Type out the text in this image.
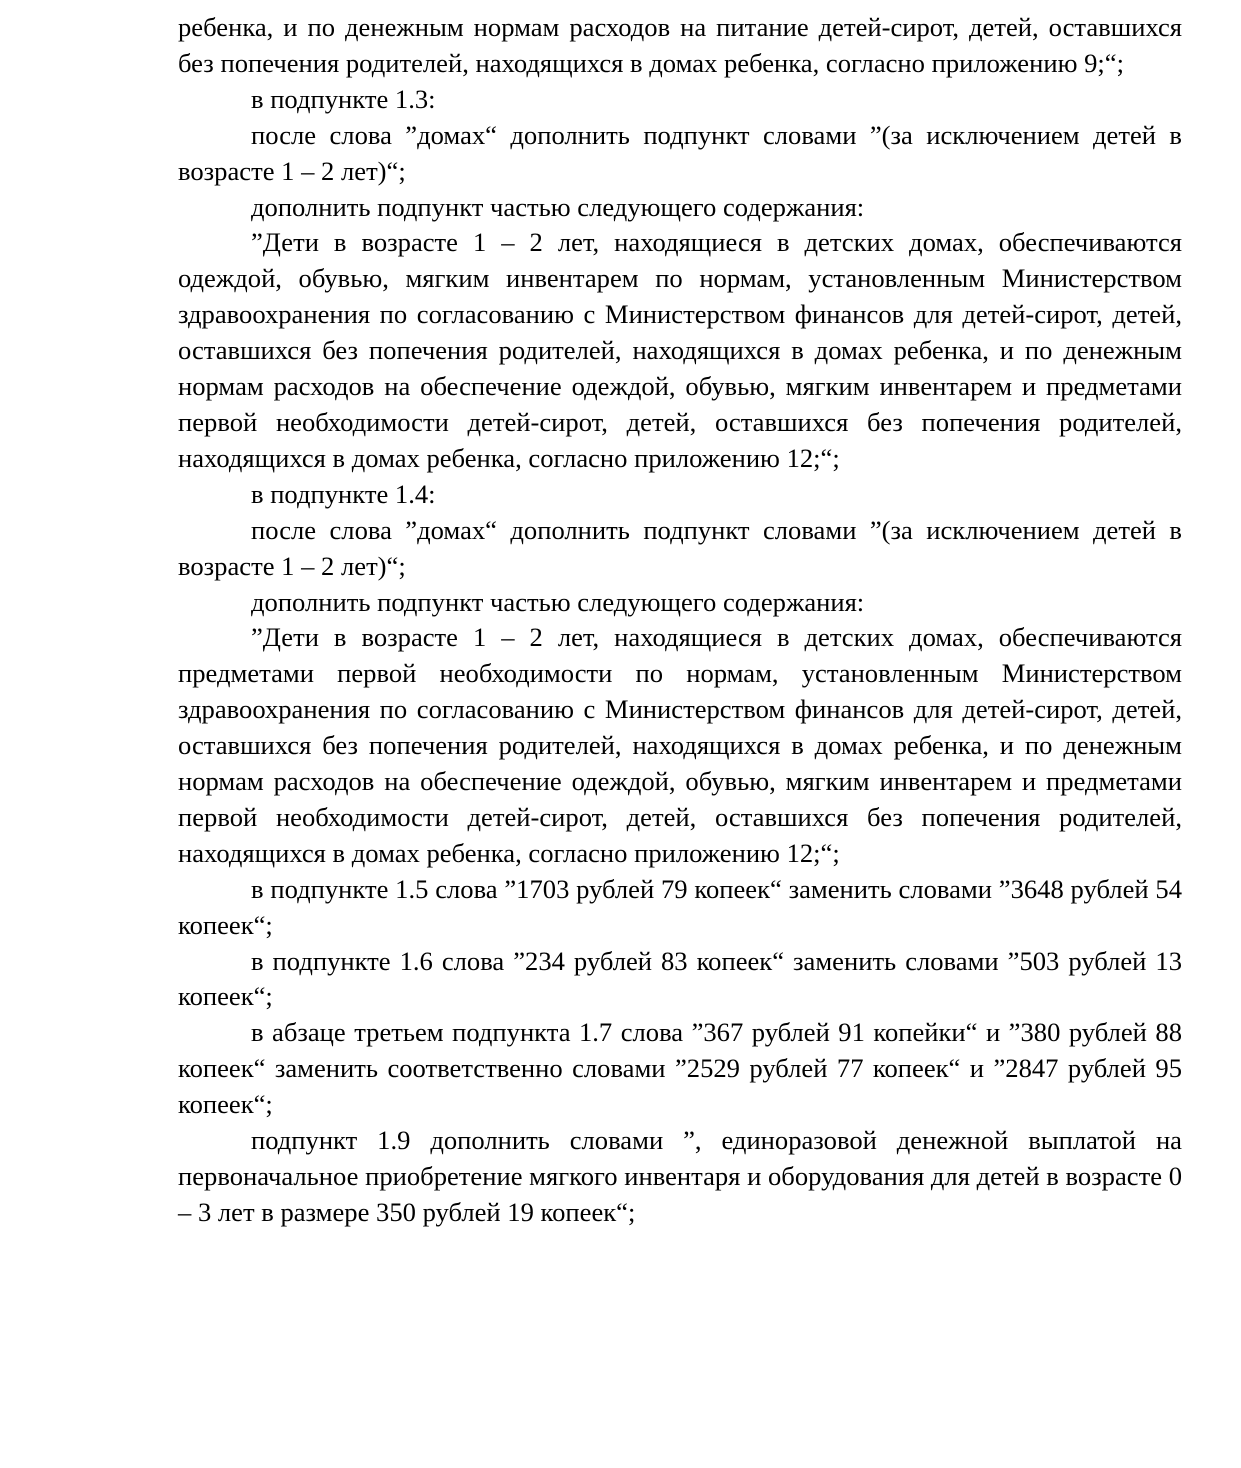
ребенка, и по денежным нормам расходов на питание детей-сирот, детей, оставшихся без попечения родителей, находящихся в домах ребенка, согласно приложению 9;“;

в подпункте 1.3:

после слова ”домах“ дополнить подпункт словами ”(за исключением детей в возрасте 1 – 2 лет)“;

дополнить подпункт частью следующего содержания:

”Дети в возрасте 1 – 2 лет, находящиеся в детских домах, обеспечиваются одеждой, обувью, мягким инвентарем по нормам, установленным Министерством здравоохранения по согласованию с Министерством финансов для детей-сирот, детей, оставшихся без попечения родителей, находящихся в домах ребенка, и по денежным нормам расходов на обеспечение одеждой, обувью, мягким инвентарем и предметами первой необходимости детей-сирот, детей, оставшихся без попечения родителей, находящихся в домах ребенка, согласно приложению 12;“;

в подпункте 1.4:

после слова ”домах“ дополнить подпункт словами ”(за исключением детей в возрасте 1 – 2 лет)“;

дополнить подпункт частью следующего содержания:

”Дети в возрасте 1 – 2 лет, находящиеся в детских домах, обеспечиваются предметами первой необходимости по нормам, установленным Министерством здравоохранения по согласованию с Министерством финансов для детей-сирот, детей, оставшихся без попечения родителей, находящихся в домах ребенка, и по денежным нормам расходов на обеспечение одеждой, обувью, мягким инвентарем и предметами первой необходимости детей-сирот, детей, оставшихся без попечения родителей, находящихся в домах ребенка, согласно приложению 12;“;

в подпункте 1.5 слова ”1703 рублей 79 копеек“ заменить словами ”3648 рублей 54 копеек“;

в подпункте 1.6 слова ”234 рублей 83 копеек“ заменить словами ”503 рублей 13 копеек“;

в абзаце третьем подпункта 1.7 слова ”367 рублей 91 копейки“ и ”380 рублей 88 копеек“ заменить соответственно словами ”2529 рублей 77 копеек“ и ”2847 рублей 95 копеек“;

подпункт 1.9 дополнить словами ”, единоразовой денежной выплатой на первоначальное приобретение мягкого инвентаря и оборудования для детей в возрасте 0 – 3 лет в размере 350 рублей 19 копеек“;
